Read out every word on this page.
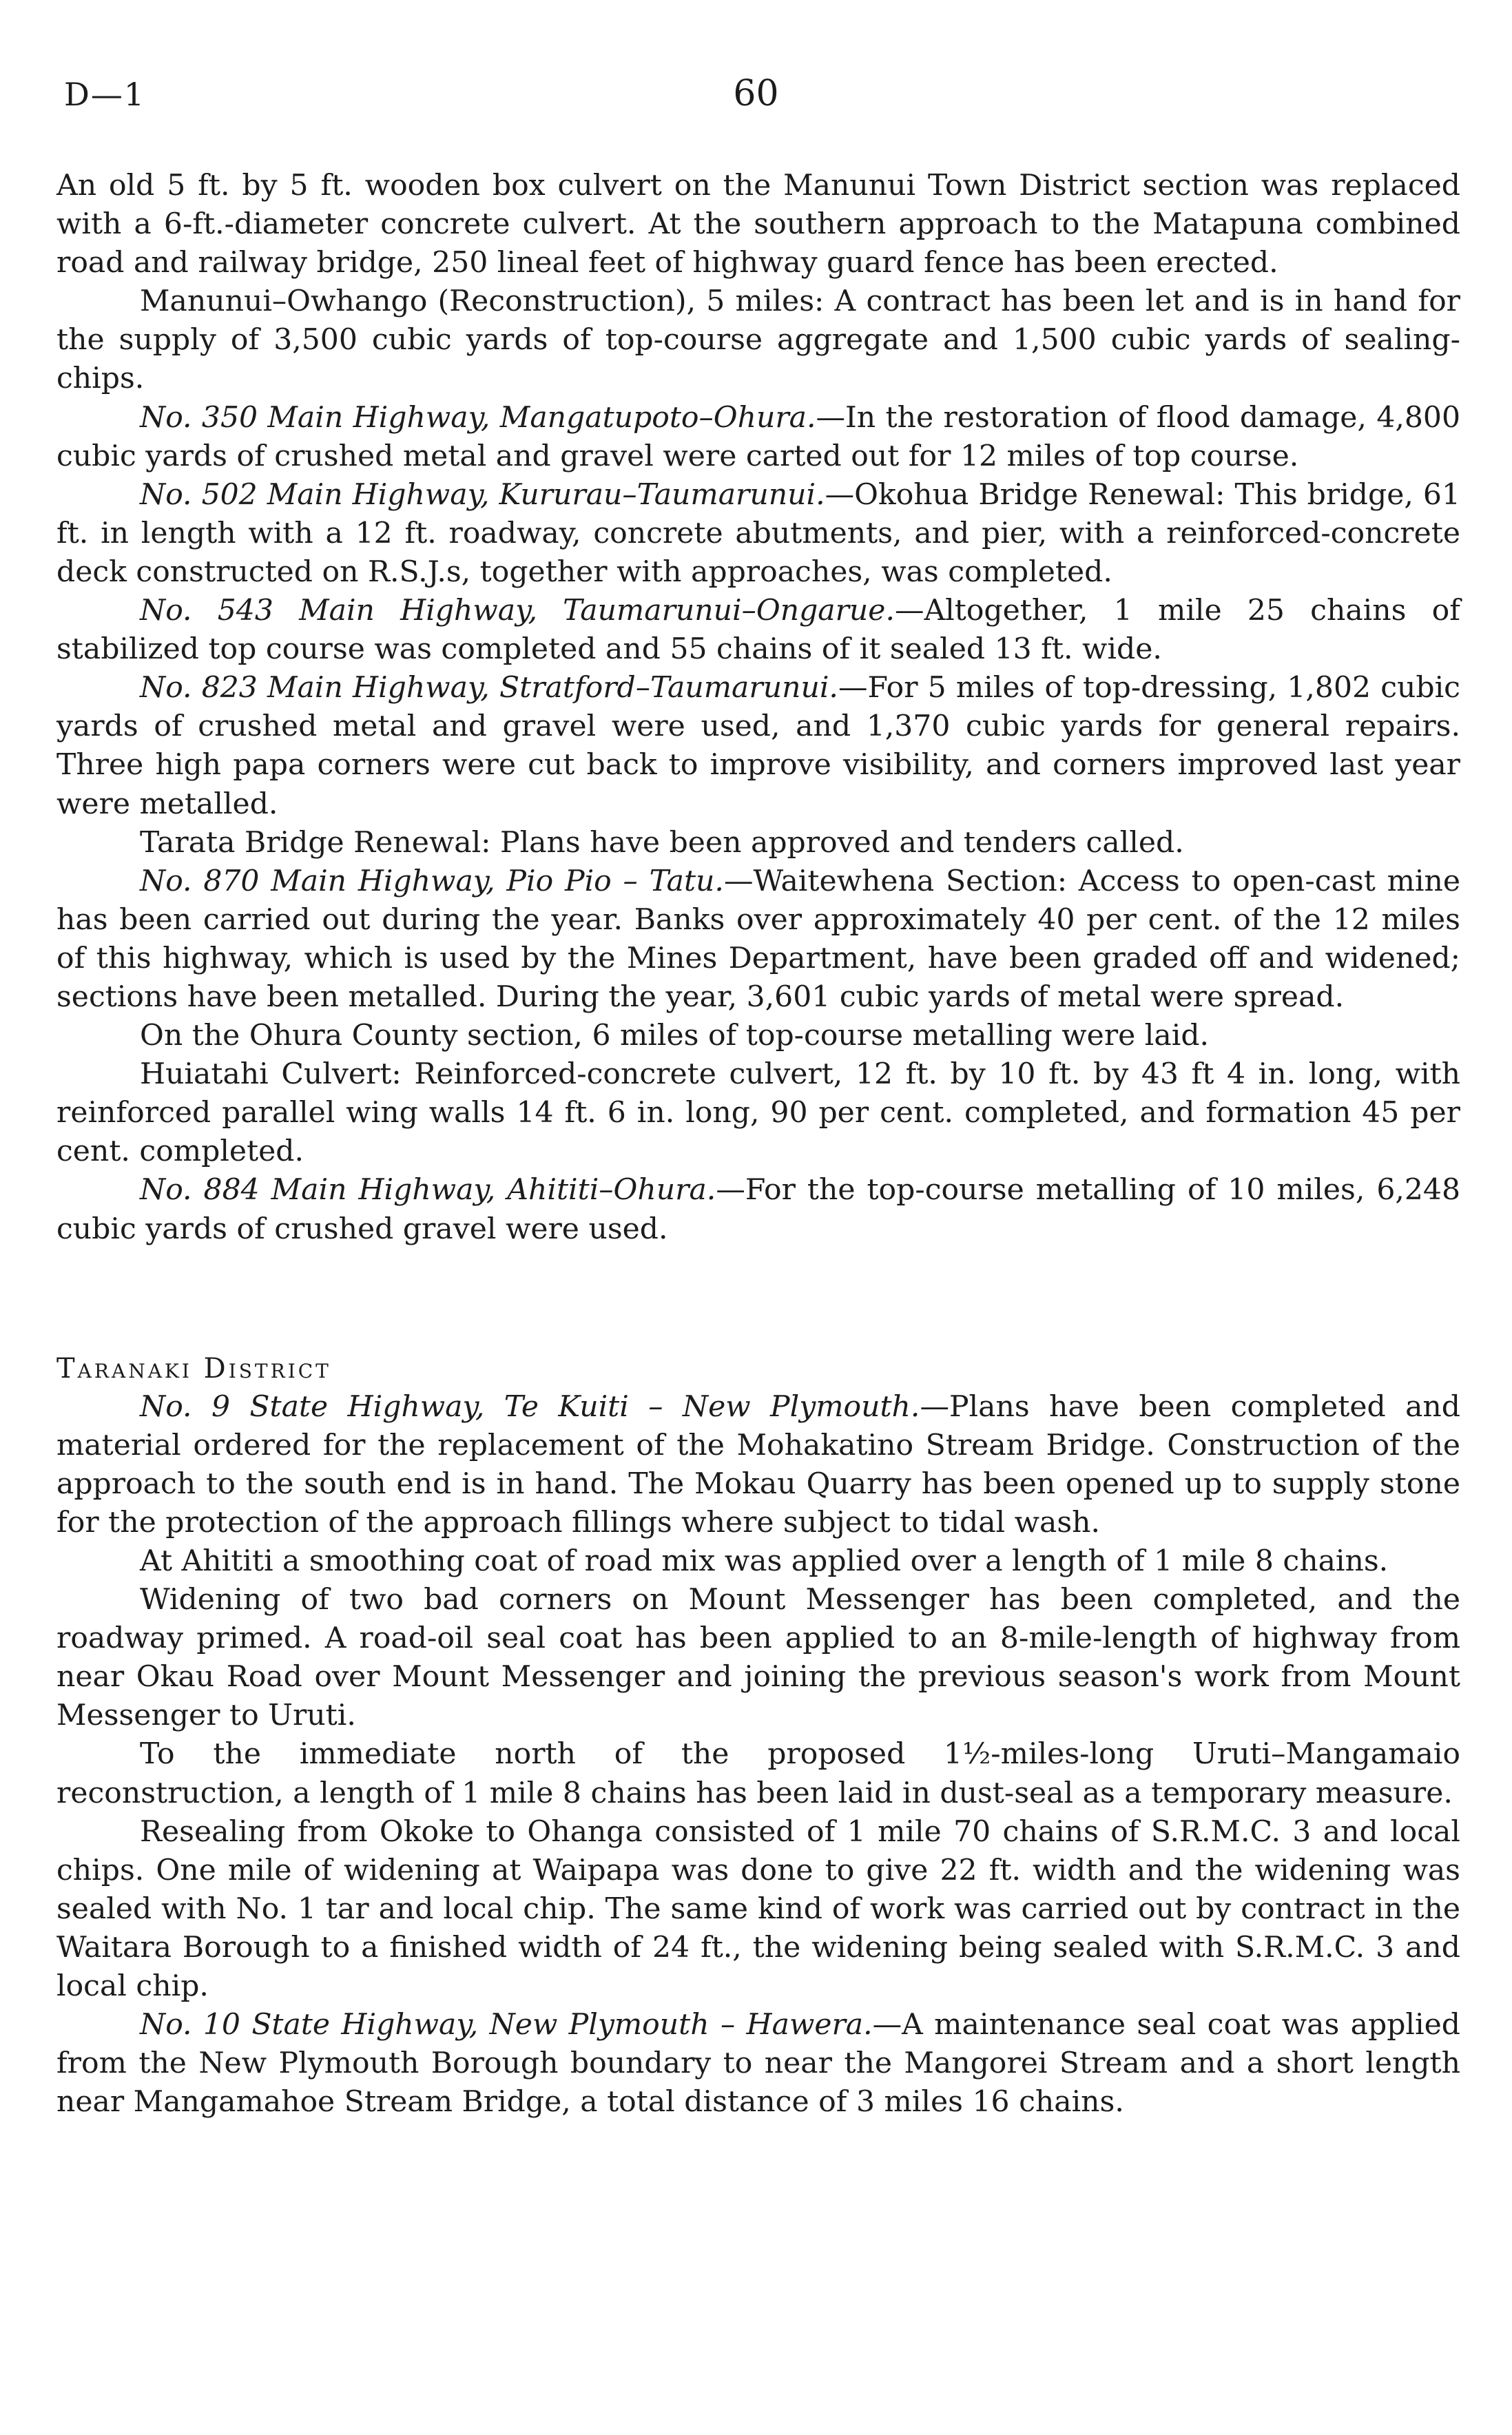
D—1	60

An old 5 ft. by 5 ft. wooden box culvert on the Manunui Town District section was replaced with a 6-ft.-diameter concrete culvert. At the southern approach to the Matapuna combined road and railway bridge, 250 lineal feet of highway guard fence has been erected.

Manunui–Owhango (Reconstruction), 5 miles: A contract has been let and is in hand for the supply of 3,500 cubic yards of top-course aggregate and 1,500 cubic yards of sealing-chips.

No. 350 Main Highway, Mangatupoto–Ohura.—In the restoration of flood damage, 4,800 cubic yards of crushed metal and gravel were carted out for 12 miles of top course.

No. 502 Main Highway, Kururau–Taumarunui.—Okohua Bridge Renewal: This bridge, 61 ft. in length with a 12 ft. roadway, concrete abutments, and pier, with a reinforced-concrete deck constructed on R.S.J.s, together with approaches, was completed.

No. 543 Main Highway, Taumarunui–Ongarue.—Altogether, 1 mile 25 chains of stabilized top course was completed and 55 chains of it sealed 13 ft. wide.

No. 823 Main Highway, Stratford–Taumarunui.—For 5 miles of top-dressing, 1,802 cubic yards of crushed metal and gravel were used, and 1,370 cubic yards for general repairs. Three high papa corners were cut back to improve visibility, and corners improved last year were metalled.

Tarata Bridge Renewal: Plans have been approved and tenders called.

No. 870 Main Highway, Pio Pio – Tatu.—Waitewhena Section: Access to open-cast mine has been carried out during the year. Banks over approximately 40 per cent. of the 12 miles of this highway, which is used by the Mines Department, have been graded off and widened; sections have been metalled. During the year, 3,601 cubic yards of metal were spread.

On the Ohura County section, 6 miles of top-course metalling were laid.

Huiatahi Culvert: Reinforced-concrete culvert, 12 ft. by 10 ft. by 43 ft 4 in. long, with reinforced parallel wing walls 14 ft. 6 in. long, 90 per cent. completed, and formation 45 per cent. completed.

No. 884 Main Highway, Ahititi–Ohura.—For the top-course metalling of 10 miles, 6,248 cubic yards of crushed gravel were used.

Taranaki District

No. 9 State Highway, Te Kuiti – New Plymouth.—Plans have been completed and material ordered for the replacement of the Mohakatino Stream Bridge. Construction of the approach to the south end is in hand. The Mokau Quarry has been opened up to supply stone for the protection of the approach fillings where subject to tidal wash.

At Ahititi a smoothing coat of road mix was applied over a length of 1 mile 8 chains.

Widening of two bad corners on Mount Messenger has been completed, and the roadway primed. A road-oil seal coat has been applied to an 8-mile-length of highway from near Okau Road over Mount Messenger and joining the previous season's work from Mount Messenger to Uruti.

To the immediate north of the proposed 1½-miles-long Uruti–Mangamaio reconstruction, a length of 1 mile 8 chains has been laid in dust-seal as a temporary measure.

Resealing from Okoke to Ohanga consisted of 1 mile 70 chains of S.R.M.C. 3 and local chips. One mile of widening at Waipapa was done to give 22 ft. width and the widening was sealed with No. 1 tar and local chip. The same kind of work was carried out by contract in the Waitara Borough to a finished width of 24 ft., the widening being sealed with S.R.M.C. 3 and local chip.

No. 10 State Highway, New Plymouth – Hawera.—A maintenance seal coat was applied from the New Plymouth Borough boundary to near the Mangorei Stream and a short length near Mangamahoe Stream Bridge, a total distance of 3 miles 16 chains.
